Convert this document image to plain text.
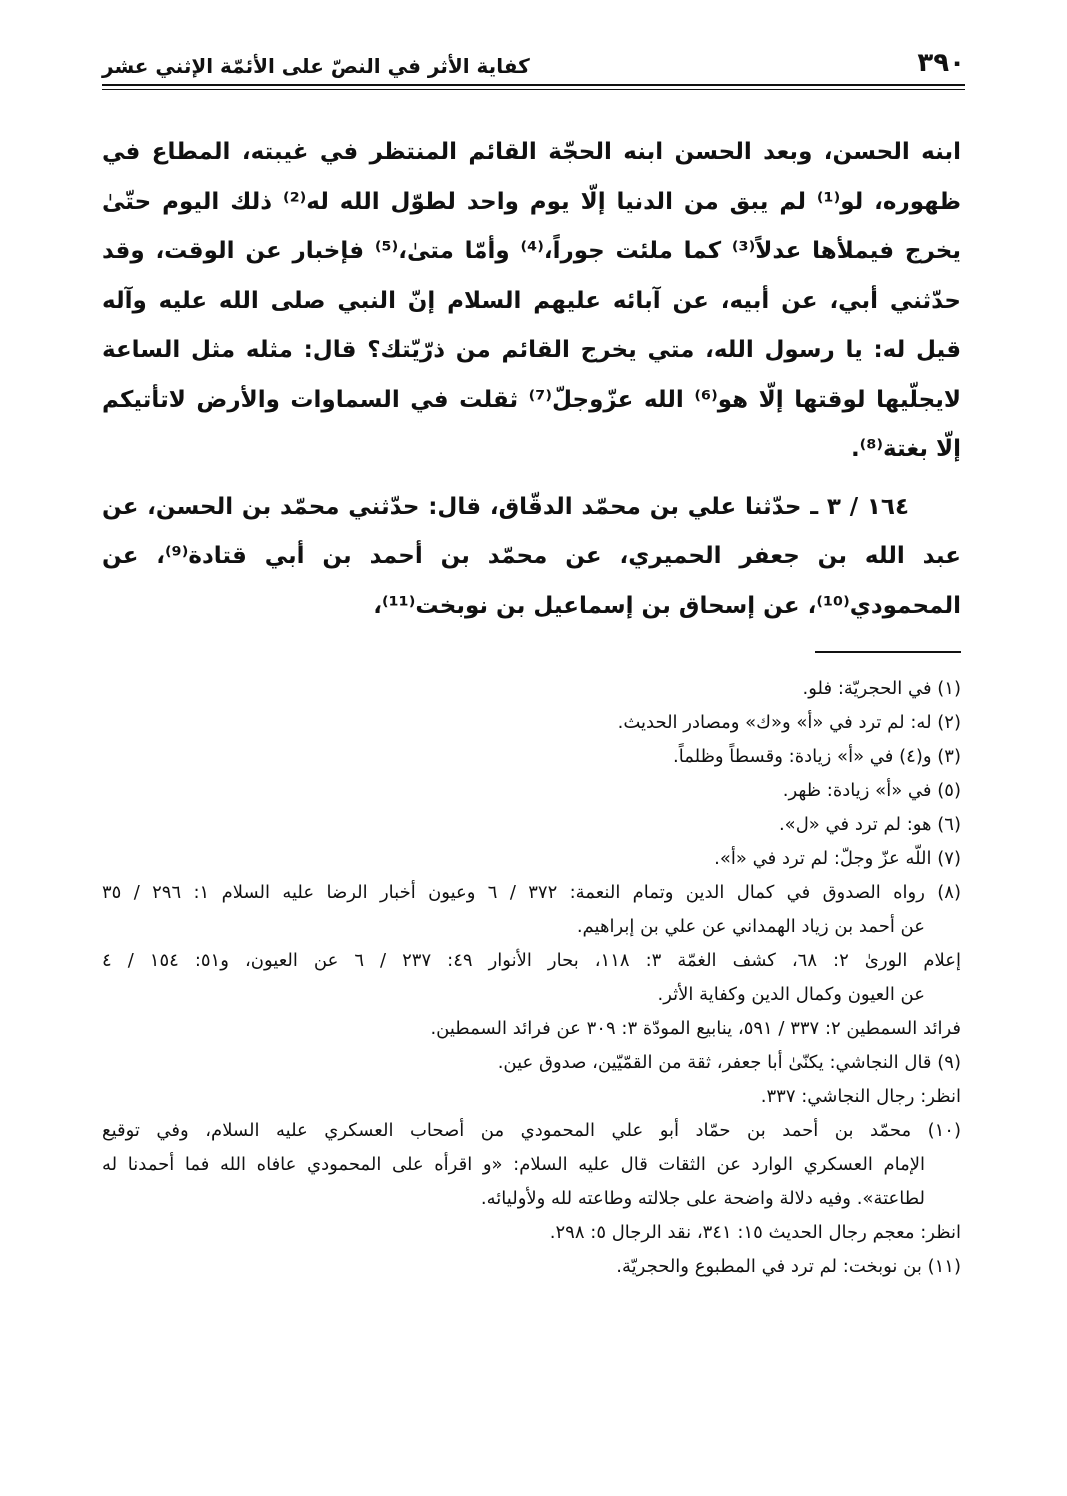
٣٩٠
كفاية الأثر في النصّ على الأئمّة الإثني عشر

ابنه الحسن، وبعد الحسن ابنه الحجّة القائم المنتظر في غيبته، المطاع في ظهوره، لو⁽¹⁾ لم يبق من الدنيا إلّا يوم واحد لطوّل الله له⁽²⁾ ذلك اليوم حتّىٰ يخرج فيملأها عدلاً⁽³⁾ كما ملئت جوراً،⁽⁴⁾ وأمّا متىٰ،⁽⁵⁾ فإخبار عن الوقت، وقد حدّثني أبي، عن أبيه، عن آبائه عليهم السلام إنّ النبي صلى الله عليه وآله قيل له: يا رسول الله، متي يخرج القائم من ذرّيّتك؟ قال: مثله مثل الساعة لايجلّيها لوقتها إلّا هو⁽⁶⁾ الله عزّوجلّ⁽⁷⁾ ثقلت في السماوات والأرض لاتأتيكم إلّا بغتة⁽⁸⁾.

١٦٤ / ٣ ـ حدّثنا علي بن محمّد الدقّاق، قال: حدّثني محمّد بن الحسن، عن عبد الله بن جعفر الحميري، عن محمّد بن أحمد بن أبي قتادة⁽⁹⁾، عن المحمودي⁽¹⁰⁾، عن إسحاق بن إسماعيل بن نوبخت⁽¹¹⁾،

(١) في الحجريّة: فلو.

(٢) له: لم ترد في «أ» و«ك» ومصادر الحديث.

(٣) و(٤) في «أ» زيادة: وقسطاً وظلماً.

(٥) في «أ» زيادة: ظهر.

(٦) هو: لم ترد في «ل».

(٧) اللّه عزّ وجلّ: لم ترد في «أ».

(٨) رواه الصدوق في كمال الدين وتمام النعمة: ٣٧٢ / ٦ وعيون أخبار الرضا عليه السلام ١: ٢٩٦ / ٣٥

عن أحمد بن زياد الهمداني عن علي بن إبراهيم.

إعلام الورىٰ ٢: ٦٨، كشف الغمّة ٣: ١١٨، بحار الأنوار ٤٩: ٢٣٧ / ٦ عن العيون، و٥١: ١٥٤ / ٤

عن العيون وكمال الدين وكفاية الأثر.

فرائد السمطين ٢: ٣٣٧ / ٥٩١، ينابيع المودّة ٣: ٣٠٩ عن فرائد السمطين.

(٩) قال النجاشي: يكنّىٰ أبا جعفر، ثقة من القمّيّين، صدوق عين.

انظر: رجال النجاشي: ٣٣٧.

(١٠) محمّد بن أحمد بن حمّاد أبو علي المحمودي من أصحاب العسكري عليه السلام، وفي توقيع

الإمام العسكري الوارد عن الثقات قال عليه السلام: «و اقرأه على المحمودي عافاه الله فما أحمدنا له

لطاعتة». وفيه دلالة واضحة على جلالته وطاعته لله ولأوليائه.

انظر: معجم رجال الحديث ١٥: ٣٤١، نقد الرجال ٥: ٢٩٨.

(١١) بن نوبخت: لم ترد في المطبوع والحجريّة.
